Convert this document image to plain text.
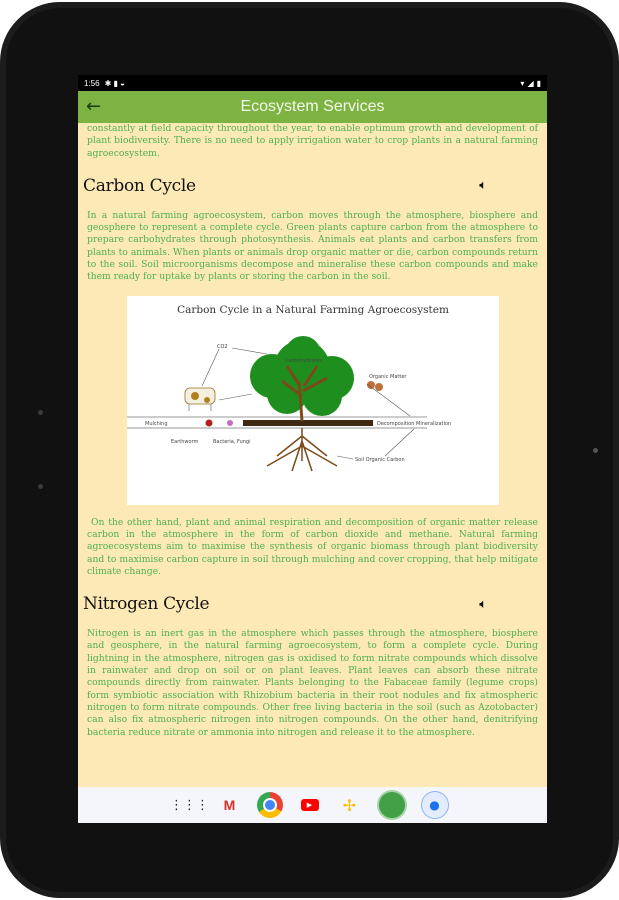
1:56 ✱ ▮ ◒	▾ ◢ ▮
←	Ecosystem Services

constantly at field capacity throughout the year, to enable optimum growth and development of plant biodiversity. There is no need to apply irrigation water to crop plants in a natural farming agroecosystem.

Carbon Cycle	🔈︎

In a natural farming agroecosystem, carbon moves through the atmosphere, biosphere and geosphere to represent a complete cycle. Green plants capture carbon from the atmosphere to prepare carbohydrates through photosynthesis. Animals eat plants and carbon transfers from plants to animals. When plants or animals drop organic matter or die, carbon compounds return to the soil. Soil microorganisms decompose and mineralise these carbon compounds and make them ready for uptake by plants or storing the carbon in the soil.

Carbon Cycle in a Natural Farming Agroecosystem
CO2
Carbohydrates
Organic Matter
Mulching
Earthworm	Bacteria, Fungi
Decomposition Mineralization
Soil Organic Carbon

On the other hand, plant and animal respiration and decomposition of organic matter release carbon in the atmosphere in the form of carbon dioxide and methane. Natural farming agroecosystems aim to maximise the synthesis of organic biomass through plant biodiversity and to maximise carbon capture in soil through mulching and cover cropping, that help mitigate climate change.

Nitrogen Cycle	🔈︎

Nitrogen is an inert gas in the atmosphere which passes through the atmosphere, biosphere and geosphere, in the natural farming agroecosystem, to form a complete cycle. During lightning in the atmosphere, nitrogen gas is oxidised to form nitrate compounds which dissolve in rainwater and drop on soil or on plant leaves. Plant leaves can absorb these nitrate compounds directly from rainwater. Plants belonging to the Fabaceae family (legume crops) form symbiotic association with Rhizobium bacteria in their root nodules and fix atmospheric nitrogen to form nitrate compounds. Other free living bacteria in the soil (such as Azotobacter) can also fix atmospheric nitrogen into nitrogen compounds. On the other hand, denitrifying bacteria reduce nitrate or ammonia into nitrogen and release it to the atmosphere.

⋮⋮⋮	M	▶	✢	●
